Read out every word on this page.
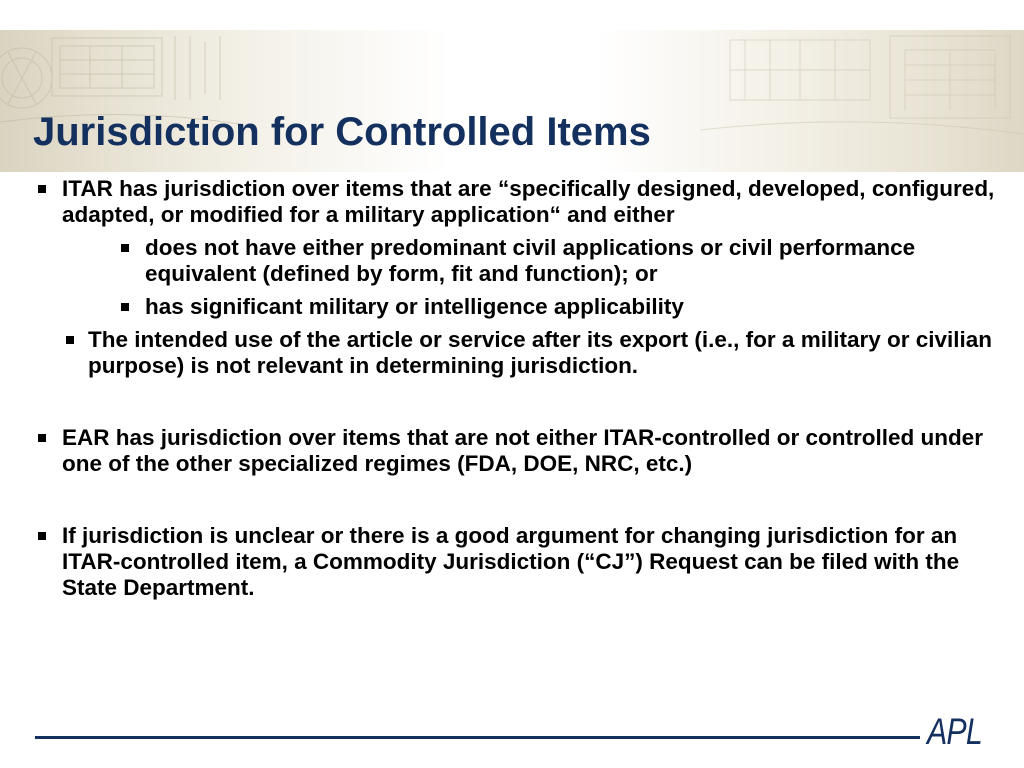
Jurisdiction for Controlled Items
ITAR has jurisdiction over items that are “specifically designed, developed, configured, adapted, or modified for a military application“ and either
does not have either predominant civil applications or civil performance equivalent (defined by form, fit and function); or
has significant military or intelligence applicability
The intended use of the article or service after its export (i.e., for a military or civilian purpose) is not relevant in determining jurisdiction.
EAR has jurisdiction over items that are not either ITAR-controlled or controlled under one of the other specialized regimes (FDA, DOE, NRC, etc.)
If jurisdiction is unclear or there is a good argument for changing jurisdiction for an ITAR-controlled item, a Commodity Jurisdiction (“CJ”) Request can be filed with the State Department.
APL
